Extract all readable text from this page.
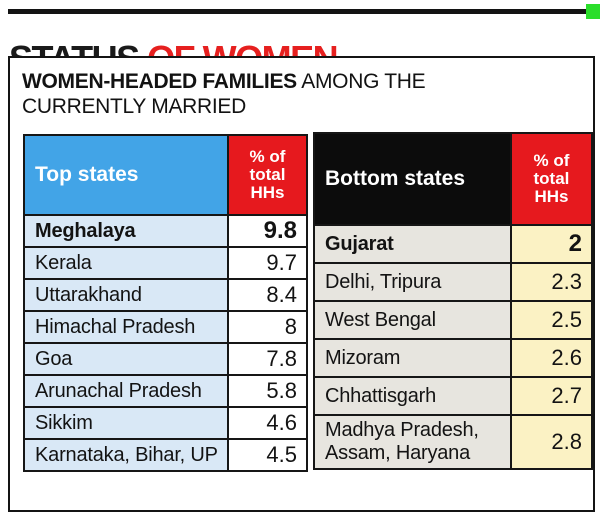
WOMEN-HEADED FAMILIES AMONG THE CURRENTLY MARRIED
Top states	% of total HHs
Meghalaya	9.8
Kerala	9.7
Uttarakhand	8.4
Himachal Pradesh	8
Goa	7.8
Arunachal Pradesh	5.8
Sikkim	4.6
Karnataka, Bihar, UP	4.5
Bottom states	% of total HHs
Gujarat	2
Delhi, Tripura	2.3
West Bengal	2.5
Mizoram	2.6
Chhattisgarh	2.7
Madhya Pradesh, Assam, Haryana	2.8
